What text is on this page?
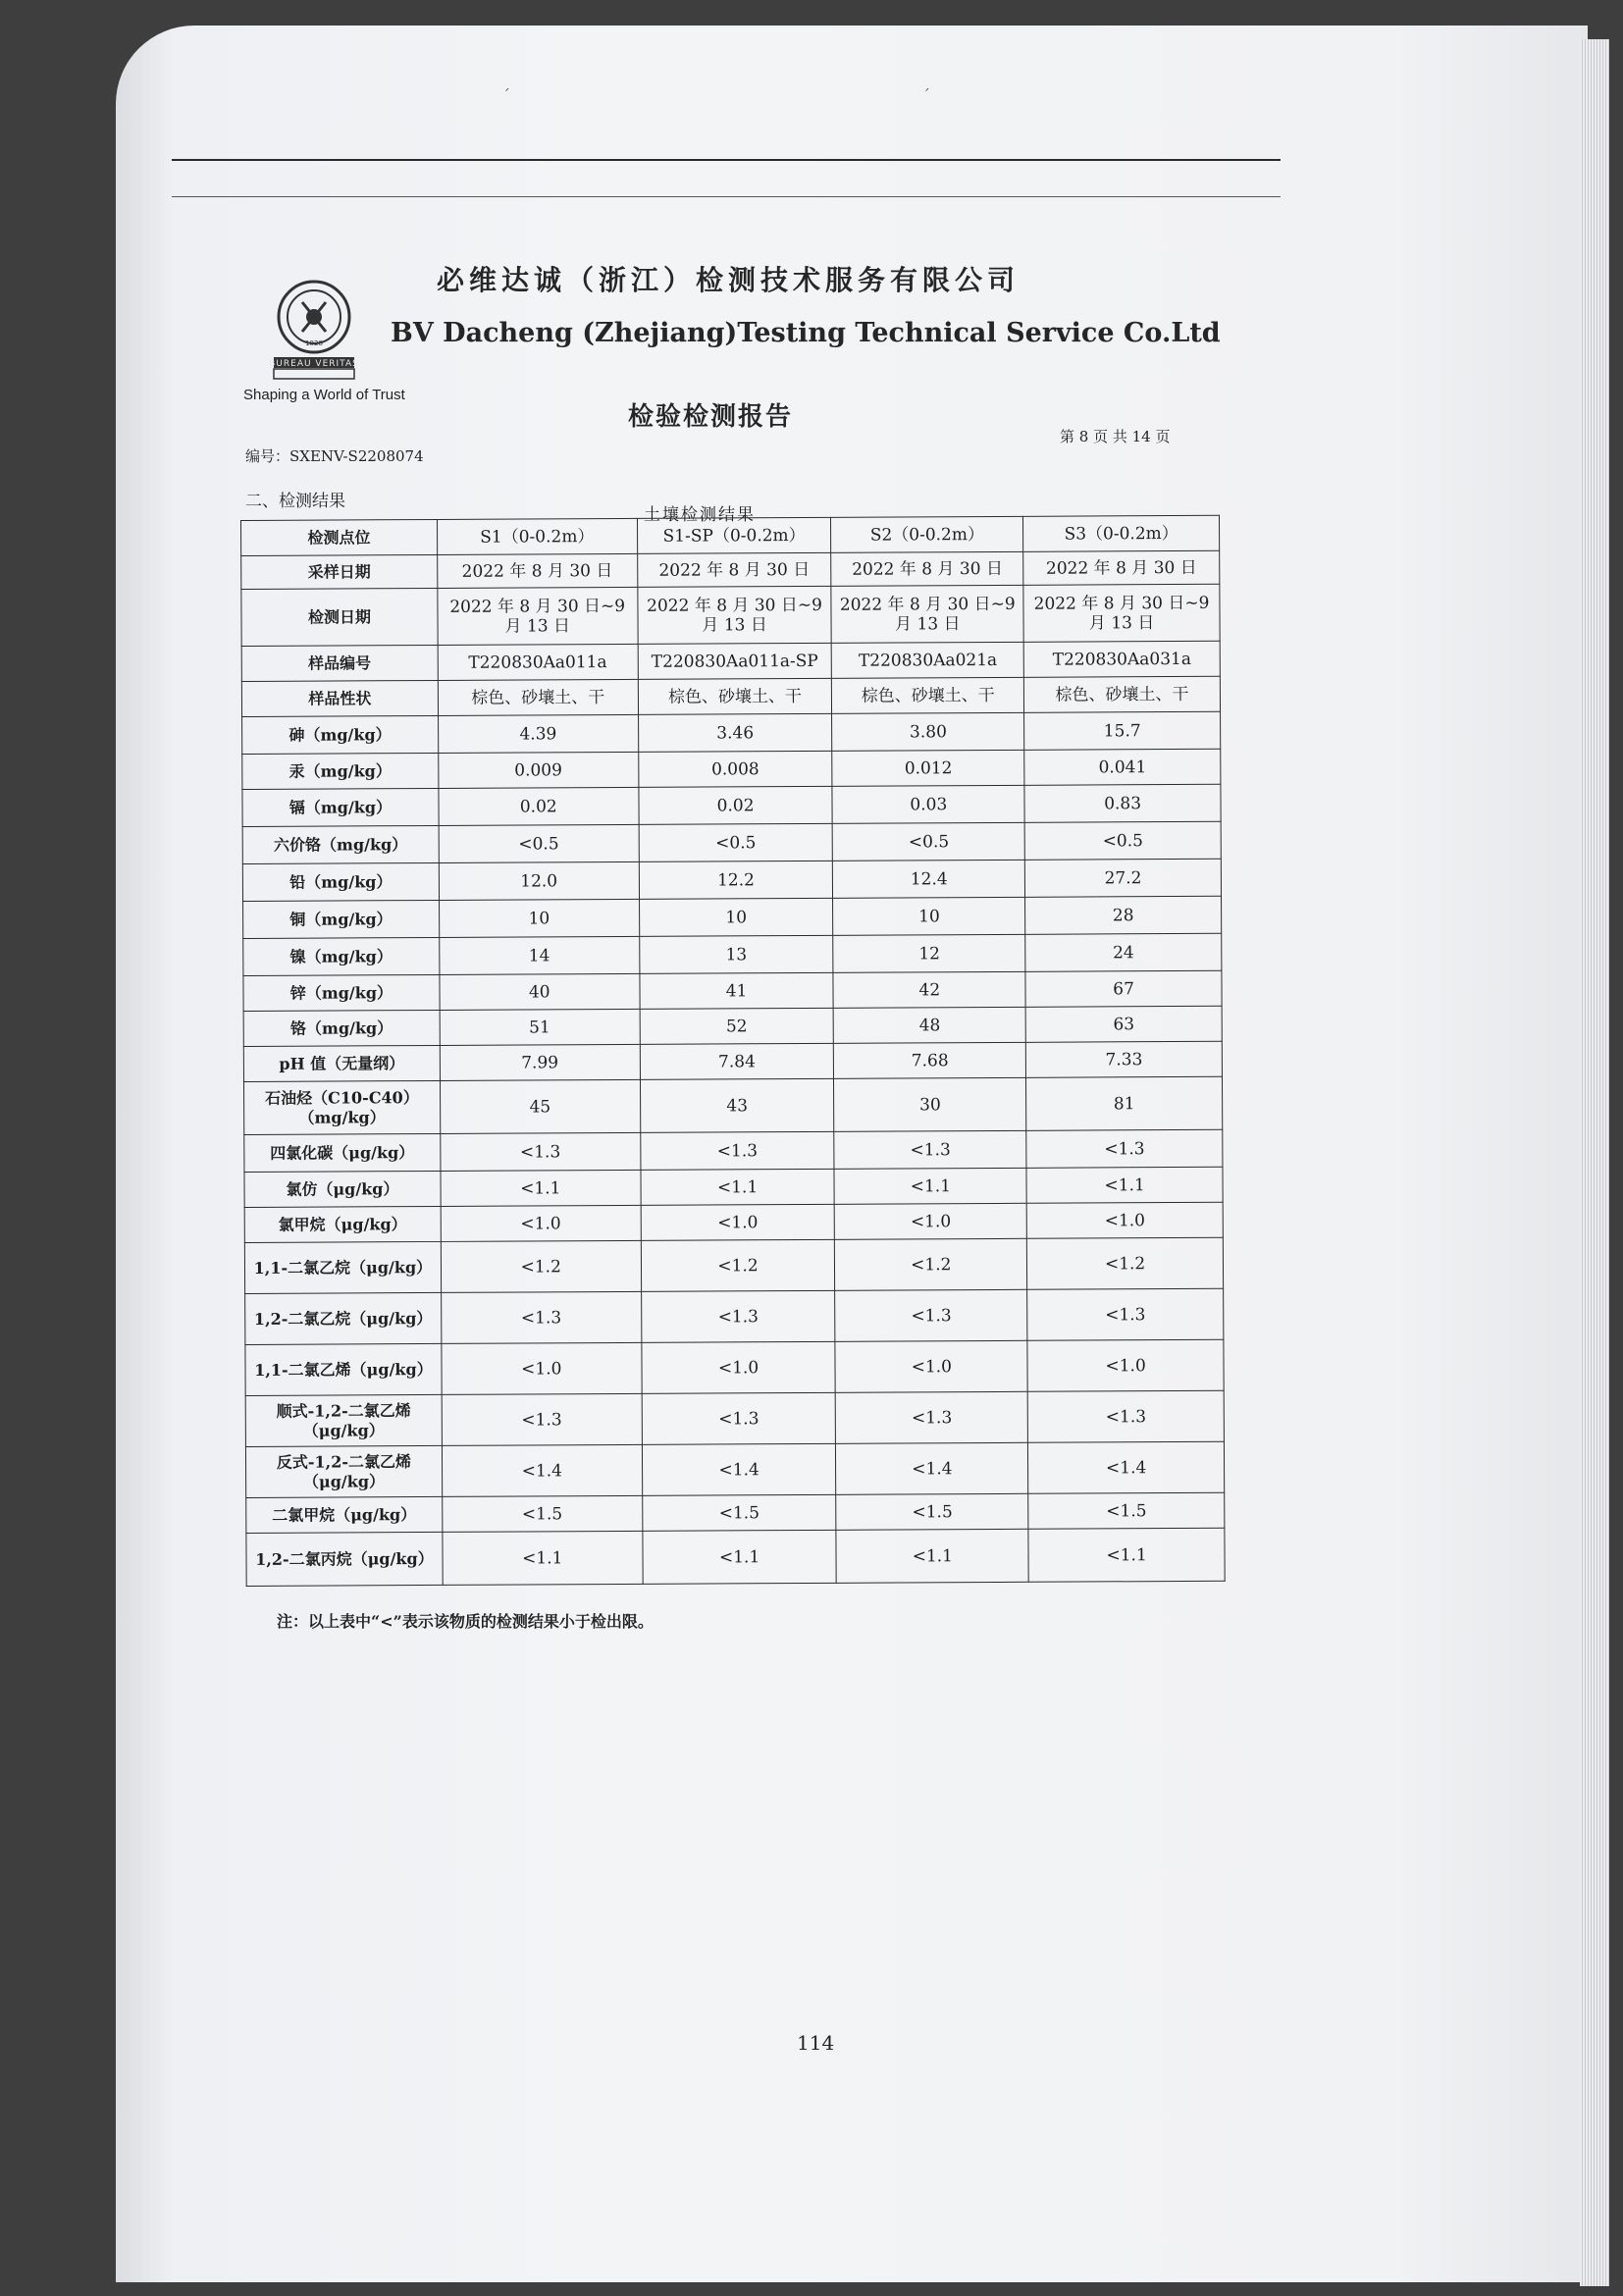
ˊ	ˊ
1828
BUREAU VERITAS
Shaping a World of Trust
必维达诚（浙江）检测技术服务有限公司
BV Dacheng (Zhejiang)Testing Technical Service Co.Ltd
检验检测报告
编号：SXENV-S2208074
第 8 页 共 14 页
二、检测结果
土壤检测结果
检测点位	S1（0-0.2m）	S1-SP（0-0.2m）	S2（0-0.2m）	S3（0-0.2m）
采样日期	2022 年 8 月 30 日	2022 年 8 月 30 日	2022 年 8 月 30 日	2022 年 8 月 30 日
检测日期	2022 年 8 月 30 日~9 月 13 日	2022 年 8 月 30 日~9 月 13 日	2022 年 8 月 30 日~9 月 13 日	2022 年 8 月 30 日~9 月 13 日
样品编号	T220830Aa011a	T220830Aa011a-SP	T220830Aa021a	T220830Aa031a
样品性状	棕色、砂壤土、干	棕色、砂壤土、干	棕色、砂壤土、干	棕色、砂壤土、干
砷（mg/kg）	4.39	3.46	3.80	15.7
汞（mg/kg）	0.009	0.008	0.012	0.041
镉（mg/kg）	0.02	0.02	0.03	0.83
六价铬（mg/kg）	<0.5	<0.5	<0.5	<0.5
铅（mg/kg）	12.0	12.2	12.4	27.2
铜（mg/kg）	10	10	10	28
镍（mg/kg）	14	13	12	24
锌（mg/kg）	40	41	42	67
铬（mg/kg）	51	52	48	63
pH 值（无量纲）	7.99	7.84	7.68	7.33
石油烃（C10-C40）（mg/kg）	45	43	30	81
四氯化碳（μg/kg）	<1.3	<1.3	<1.3	<1.3
氯仿（μg/kg）	<1.1	<1.1	<1.1	<1.1
氯甲烷（μg/kg）	<1.0	<1.0	<1.0	<1.0
1,1-二氯乙烷（μg/kg）	<1.2	<1.2	<1.2	<1.2
1,2-二氯乙烷（μg/kg）	<1.3	<1.3	<1.3	<1.3
1,1-二氯乙烯（μg/kg）	<1.0	<1.0	<1.0	<1.0
顺式-1,2-二氯乙烯（μg/kg）	<1.3	<1.3	<1.3	<1.3
反式-1,2-二氯乙烯（μg/kg）	<1.4	<1.4	<1.4	<1.4
二氯甲烷（μg/kg）	<1.5	<1.5	<1.5	<1.5
1,2-二氯丙烷（μg/kg）	<1.1	<1.1	<1.1	<1.1
注：以上表中“<”表示该物质的检测结果小于检出限。
114
